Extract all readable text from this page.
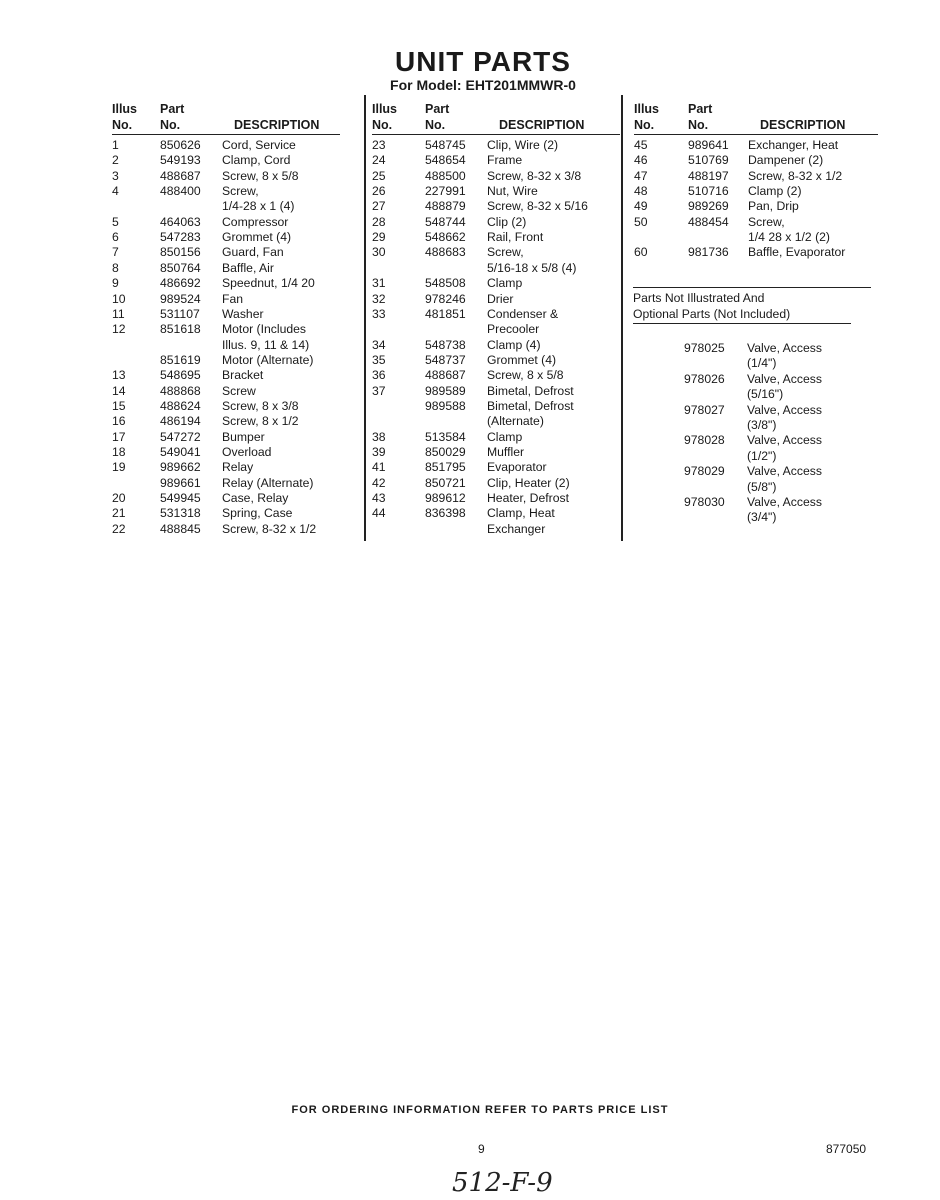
UNIT PARTS
For Model: EHT201MMWR-0
Illus
No.
Part
No.	DESCRIPTION
1	850626 Cord, Service
2	549193 Clamp, Cord
3	488687 Screw, 8 x 5/8
4	488400 Screw,
1/4-28 x 1 (4)
5	464063 Compressor
6	547283 Grommet (4)
7	850156 Guard, Fan
8	850764 Baffle, Air
9	486692 Speednut, 1/4 20
10	989524 Fan
11	531107 Washer
12	851618 Motor (Includes
Illus. 9, 11 & 14)
851619 Motor (Alternate)
13	548695 Bracket
14	488868 Screw
15	488624 Screw, 8 x 3/8
16	486194 Screw, 8 x 1/2
17	547272 Bumper
18	549041 Overload
19	989662 Relay
989661 Relay (Alternate)
20	549945 Case, Relay
21	531318 Spring, Case
22	488845 Screw, 8-32 x 1/2
Illus
No.
Part
No.	DESCRIPTION
23	548745 Clip, Wire (2)
24	548654 Frame
25	488500 Screw, 8-32 x 3/8
26	227991 Nut, Wire
27	488879 Screw, 8-32 x 5/16
28	548744 Clip (2)
29	548662 Rail, Front
30	488683 Screw,
5/16-18 x 5/8 (4)
31	548508 Clamp
32	978246 Drier
33	481851 Condenser &
Precooler
34	548738 Clamp (4)
35	548737 Grommet (4)
36	488687 Screw, 8 x 5/8
37	989589 Bimetal, Defrost
989588 Bimetal, Defrost
(Alternate)
38	513584 Clamp
39	850029 Muffler
41	851795 Evaporator
42	850721 Clip, Heater (2)
43	989612 Heater, Defrost
44	836398 Clamp, Heat
Exchanger
Illus
No.
Part
No.	DESCRIPTION
45	989641 Exchanger, Heat
46	510769 Dampener (2)
47	488197 Screw, 8-32 x 1/2
48	510716 Clamp (2)
49	989269 Pan, Drip
50	488454 Screw,
1/4 28 x 1/2 (2)
60	981736 Baffle, Evaporator
Parts Not Illustrated And
Optional Parts (Not Included)
978025 Valve, Access
(1/4")
978026 Valve, Access
(5/16")
978027 Valve, Access
(3/8")
978028 Valve, Access
(1/2")
978029 Valve, Access
(5/8")
978030 Valve, Access
(3/4")
FOR ORDERING INFORMATION REFER TO PARTS PRICE LIST
9	877050
512-F-9
